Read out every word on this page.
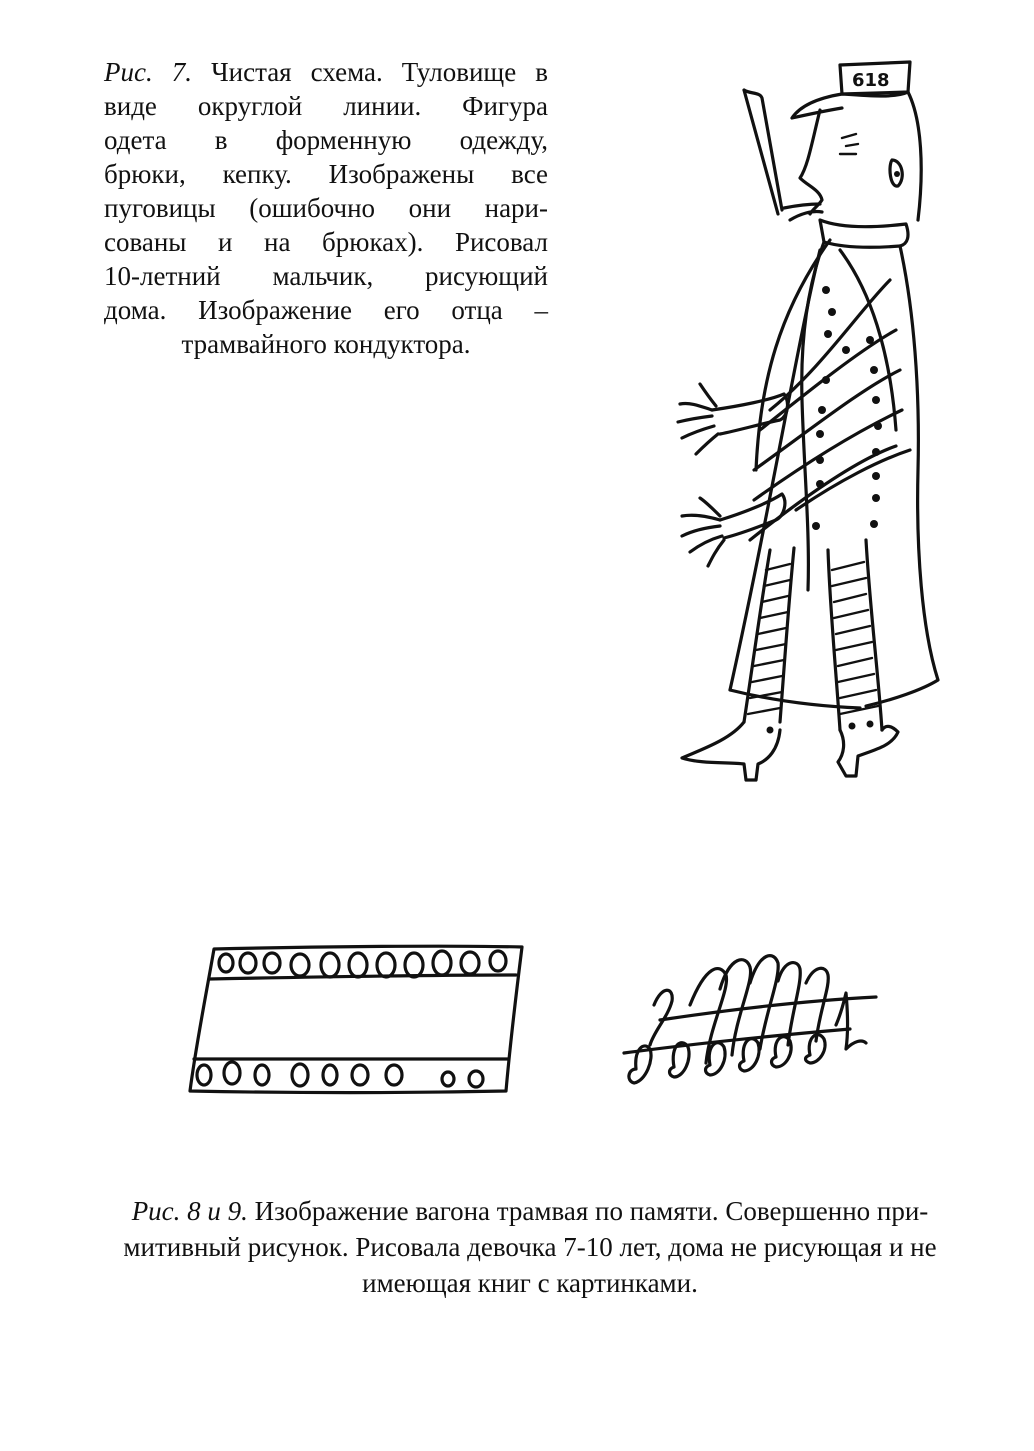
Рис. 7. Чистая схема. Туловище в
виде округлой линии. Фигура
одета в форменную одежду,
брюки, кепку. Изображены все
пуговицы (ошибочно они нари-
сованы и на брюках). Рисовал
10-летний мальчик, рисующий
дома. Изображение его отца –
трамвайного кондуктора.
618
Рис. 8 и 9. Изображение вагона трамвая по памяти. Совершенно при-
митивный рисунок. Рисовала девочка 7-10 лет, дома не рисующая и не
имеющая книг с картинками.
